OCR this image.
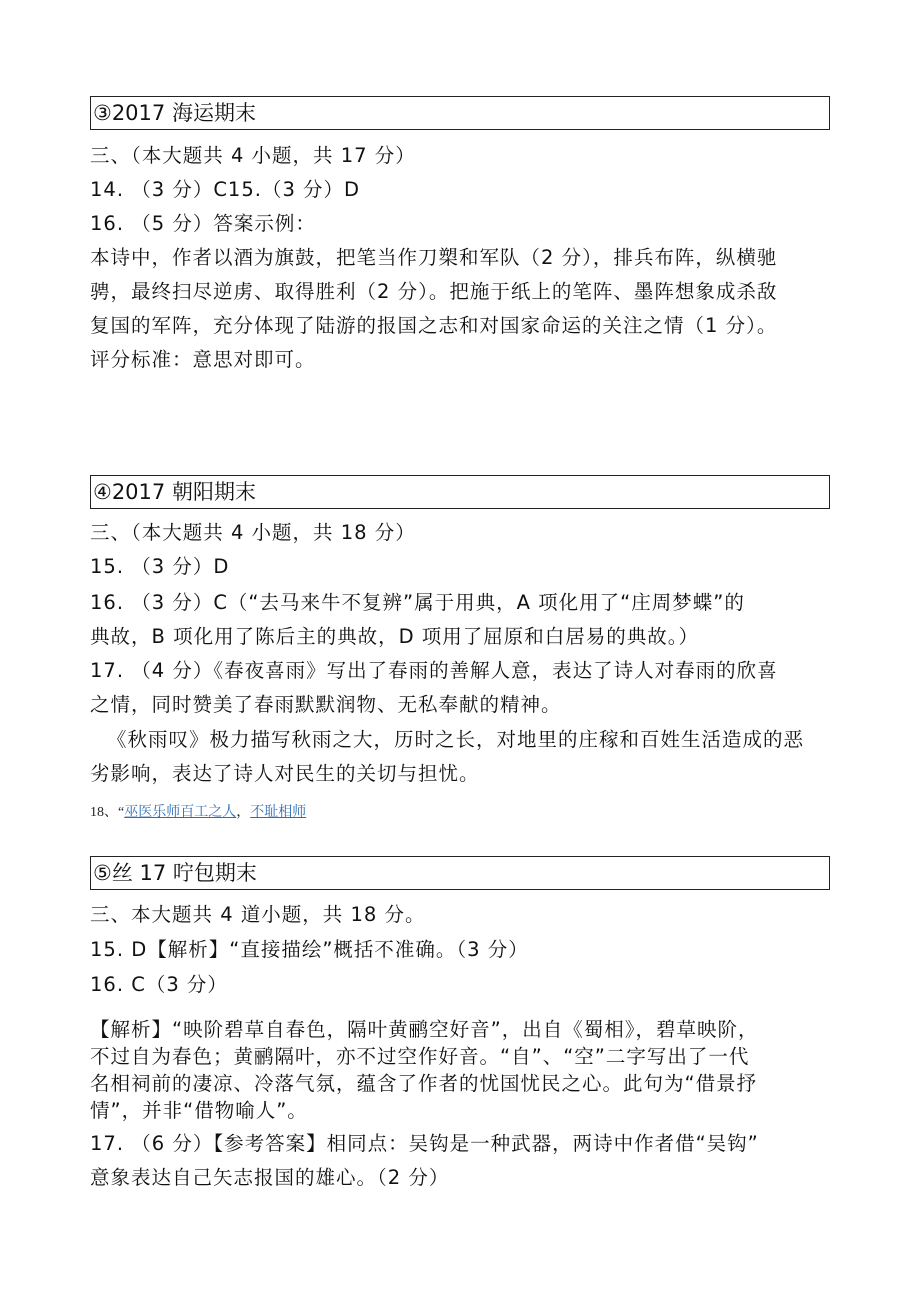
③2017 海运期末
三、（本大题共 4 小题，共 17 分）
14. （3 分）C15.（3 分）D
16. （5 分）答案示例：
本诗中，作者以酒为旗鼓，把笔当作刀槊和军队（2 分），排兵布阵，纵横驰
骋，最终扫尽逆虏、取得胜利（2 分）。把施于纸上的笔阵、墨阵想象成杀敌
复国的军阵，充分体现了陆游的报国之志和对国家命运的关注之情（1 分）。
评分标准：意思对即可。
④2017 朝阳期末
三、（本大题共 4 小题，共 18 分）
15. （3 分）D
16. （3 分）C（“去马来牛不复辨”属于用典，A 项化用了“庄周梦蝶”的
典故，B 项化用了陈后主的典故，D 项用了屈原和白居易的典故。）
17. （4 分）《春夜喜雨》写出了春雨的善解人意，表达了诗人对春雨的欣喜
之情，同时赞美了春雨默默润物、无私奉献的精神。
《秋雨叹》极力描写秋雨之大，历时之长，对地里的庄稼和百姓生活造成的恶
劣影响，表达了诗人对民生的关切与担忧。
18、“巫医乐师百工之人，不耻相师
⑤丝 17 咛包期末
三、本大题共 4 道小题，共 18 分。
15. D【解析】“直接描绘”概括不准确。（3 分）
16. C（3 分）
【解析】“映阶碧草自春色，隔叶黄鹂空好音”，出自《蜀相》，碧草映阶，
不过自为春色；黄鹂隔叶，亦不过空作好音。“自”、“空”二字写出了一代
名相祠前的凄凉、冷落气氛，蕴含了作者的忧国忧民之心。此句为“借景抒
情”，并非“借物喻人”。
17. （6 分）【参考答案】相同点：吴钩是一种武器，两诗中作者借“吴钩”
意象表达自己矢志报国的雄心。（2 分）
